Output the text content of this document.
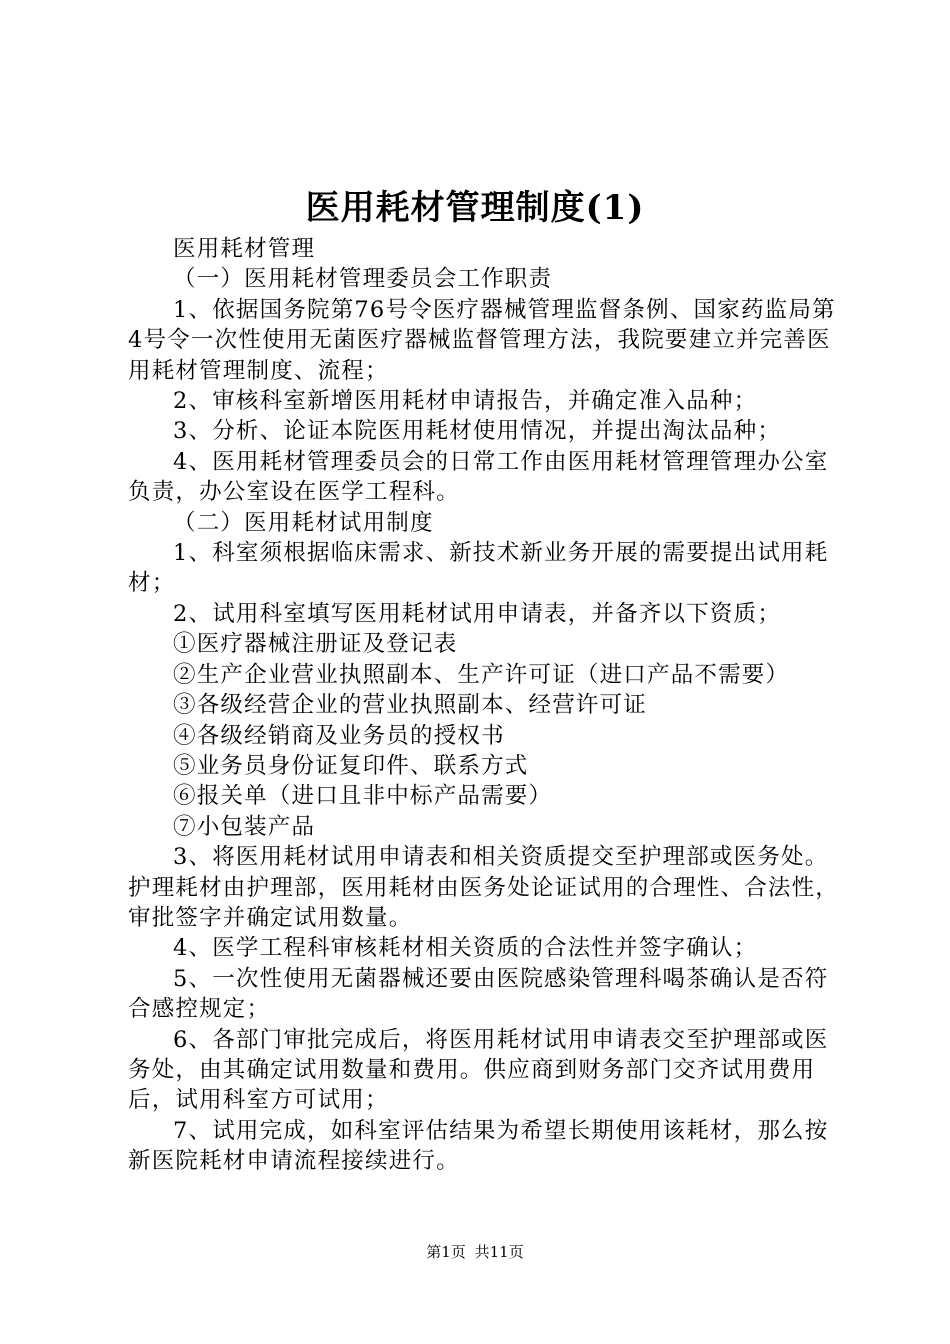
医用耗材管理制度(1)

医用耗材管理

（一）医用耗材管理委员会工作职责

1、依据国务院第76号令医疗器械管理监督条例、国家药监局第4号令一次性使用无菌医疗器械监督管理方法，我院要建立并完善医用耗材管理制度、流程；

2、审核科室新增医用耗材申请报告，并确定准入品种；

3、分析、论证本院医用耗材使用情况，并提出淘汰品种；

4、医用耗材管理委员会的日常工作由医用耗材管理管理办公室负责，办公室设在医学工程科。

（二）医用耗材试用制度

1、科室须根据临床需求、新技术新业务开展的需要提出试用耗材；

2、试用科室填写医用耗材试用申请表，并备齐以下资质；

①医疗器械注册证及登记表

②生产企业营业执照副本、生产许可证（进口产品不需要）

③各级经营企业的营业执照副本、经营许可证

④各级经销商及业务员的授权书

⑤业务员身份证复印件、联系方式

⑥报关单（进口且非中标产品需要）

⑦小包装产品

3、将医用耗材试用申请表和相关资质提交至护理部或医务处。护理耗材由护理部，医用耗材由医务处论证试用的合理性、合法性，审批签字并确定试用数量。

4、医学工程科审核耗材相关资质的合法性并签字确认；

5、一次性使用无菌器械还要由医院感染管理科喝茶确认是否符合感控规定；

6、各部门审批完成后，将医用耗材试用申请表交至护理部或医务处，由其确定试用数量和费用。供应商到财务部门交齐试用费用后，试用科室方可试用；

7、试用完成，如科室评估结果为希望长期使用该耗材，那么按新医院耗材申请流程接续进行。

第1页 共11页
